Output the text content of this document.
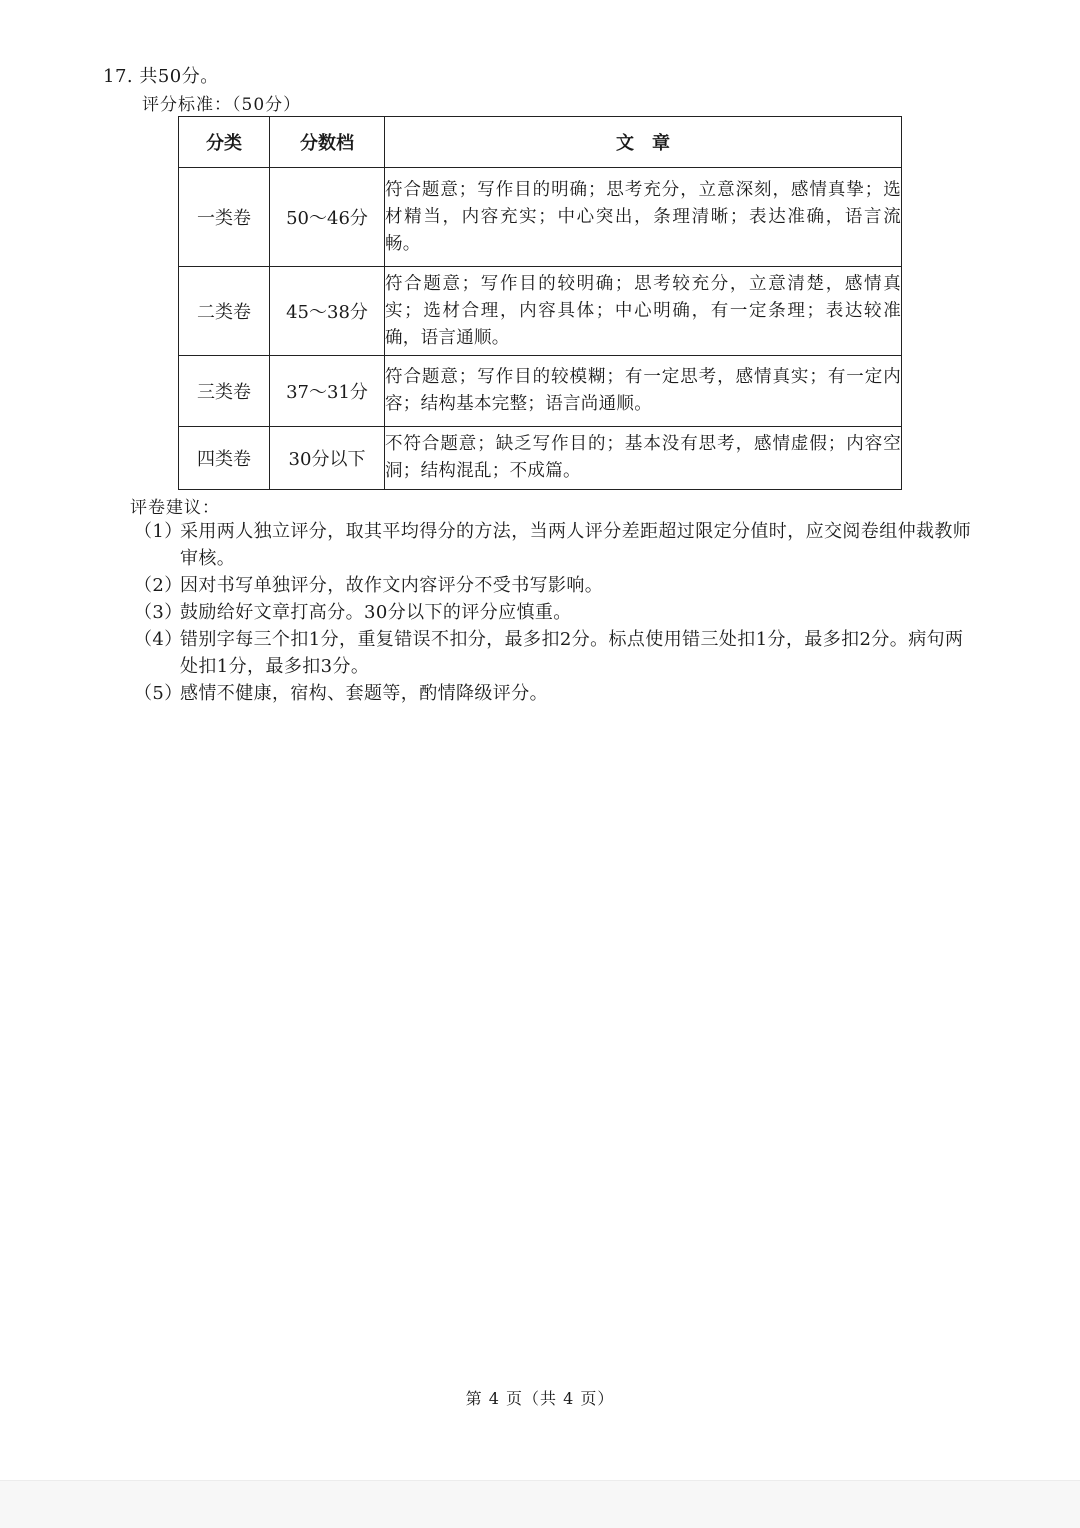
17. 共50分。
评分标准：（50分）
分类	分数档	文　章
一类卷	50～46分	符合题意；写作目的明确；思考充分，立意深刻，感情真挚；选材精当，内容充实；中心突出，条理清晰；表达准确，语言流畅。
二类卷	45～38分	符合题意；写作目的较明确；思考较充分，立意清楚，感情真实；选材合理，内容具体；中心明确，有一定条理；表达较准确，语言通顺。
三类卷	37～31分	符合题意；写作目的较模糊；有一定思考，感情真实；有一定内容；结构基本完整；语言尚通顺。
四类卷	30分以下	不符合题意；缺乏写作目的；基本没有思考，感情虚假；内容空洞；结构混乱；不成篇。
评卷建议：
（1）
采用两人独立评分，取其平均得分的方法，当两人评分差距超过限定分值时，应交阅卷组仲裁教师审核。
（2）
因对书写单独评分，故作文内容评分不受书写影响。
（3）
鼓励给好文章打高分。30分以下的评分应慎重。
（4）
错别字每三个扣1分，重复错误不扣分，最多扣2分。标点使用错三处扣1分，最多扣2分。病句两处扣1分，最多扣3分。
（5）
感情不健康，宿构、套题等，酌情降级评分。
第 4 页（共 4 页）
